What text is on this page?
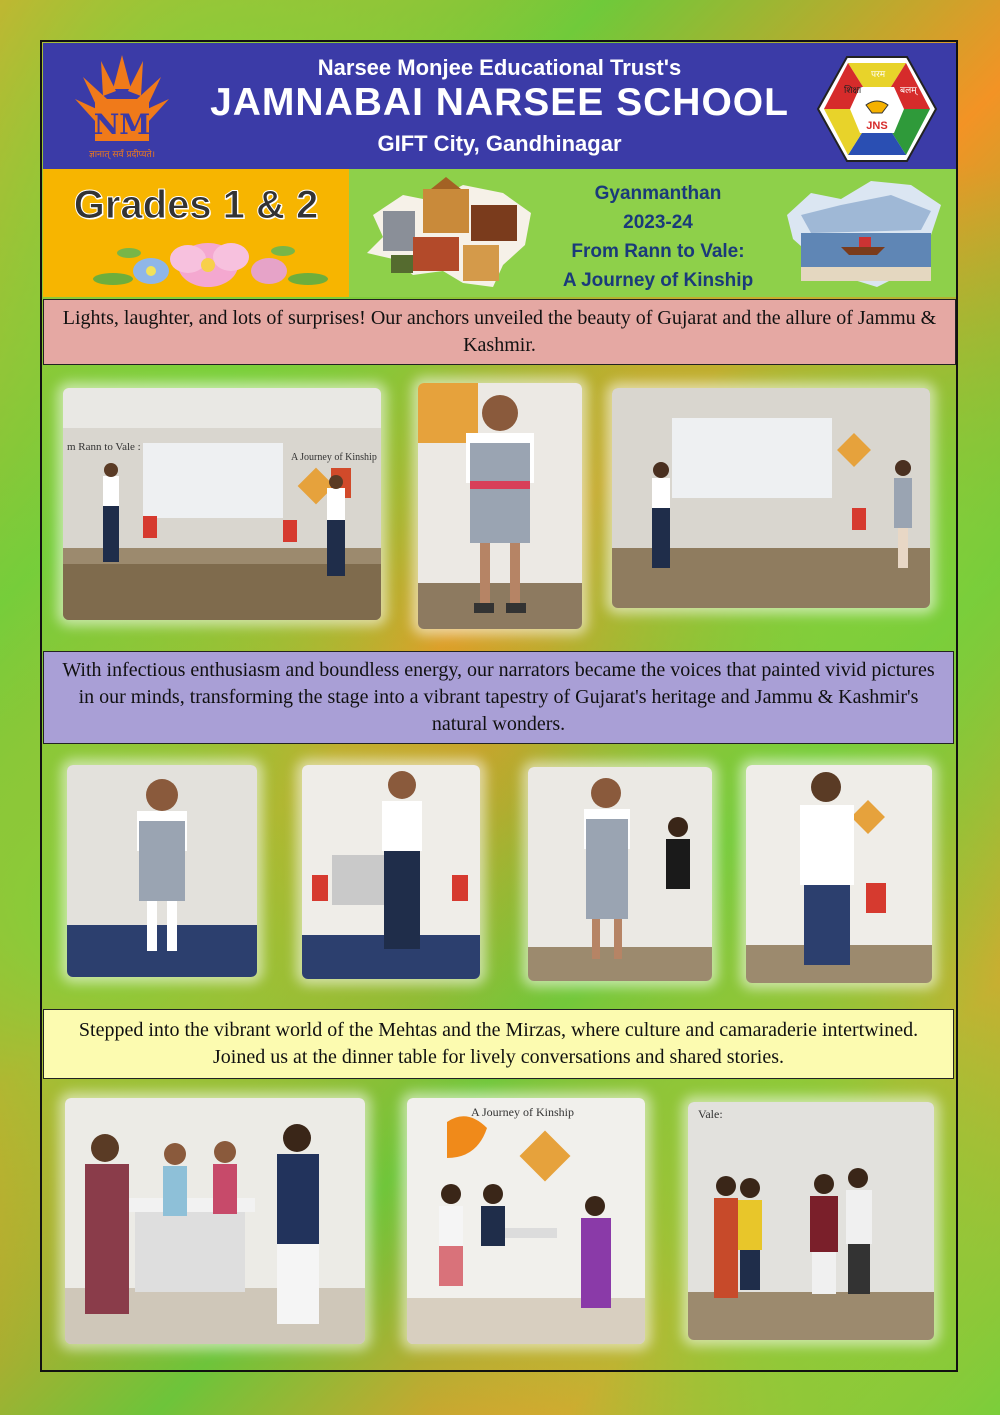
NM
ज्ञानात् सर्वं प्रदीप्यते।
Narsee Monjee Educational Trust's
JAMNABAI NARSEE SCHOOL
GIFT City, Gandhinagar
JNS
शिक्षा
परम
बलम्
Grades 1 & 2	Gyanmanthan
2023-24
From Rann to Vale:
A Journey of Kinship
Lights, laughter, and lots of surprises! Our anchors unveiled the beauty of Gujarat and the allure of Jammu & Kashmir.
m Rann to Vale :
A Journey of Kinship
With infectious enthusiasm and boundless energy, our narrators became the voices that painted vivid pictures in our minds, transforming the stage into a vibrant tapestry of Gujarat's heritage and Jammu & Kashmir's natural wonders.
Stepped into the vibrant world of the Mehtas and the Mirzas, where culture and camaraderie intertwined. Joined us at the dinner table for lively conversations and shared stories.
A Journey of Kinship	Vale:
